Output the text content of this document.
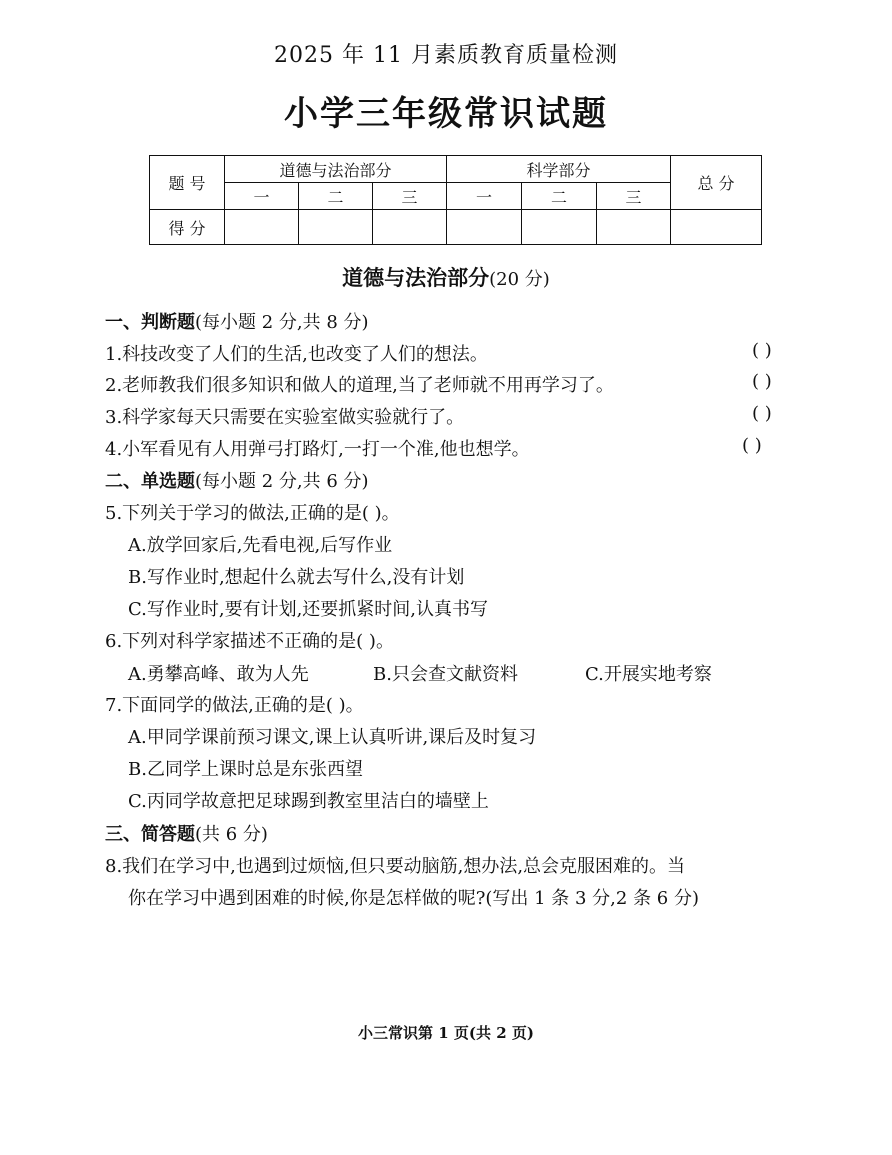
2025 年 11 月素质教育质量检测
小学三年级常识试题
题 号	道德与法治部分			科学部分			总 分
	一	二	三	一	二	三	
得 分							
道德与法治部分(20 分)
一、判断题(每小题 2 分,共 8 分)
1.科技改变了人们的生活,也改变了人们的想法。	( )
2.老师教我们很多知识和做人的道理,当了老师就不用再学习了。	( )
3.科学家每天只需要在实验室做实验就行了。	( )
4.小军看见有人用弹弓打路灯,一打一个准,他也想学。	( )
二、单选题(每小题 2 分,共 6 分)
5.下列关于学习的做法,正确的是( )。
A.放学回家后,先看电视,后写作业
B.写作业时,想起什么就去写什么,没有计划
C.写作业时,要有计划,还要抓紧时间,认真书写
6.下列对科学家描述不正确的是( )。
A.勇攀高峰、敢为人先	B.只会查文献资料	C.开展实地考察
7.下面同学的做法,正确的是( )。
A.甲同学课前预习课文,课上认真听讲,课后及时复习
B.乙同学上课时总是东张西望
C.丙同学故意把足球踢到教室里洁白的墙壁上
三、简答题(共 6 分)
8.我们在学习中,也遇到过烦恼,但只要动脑筋,想办法,总会克服困难的。当
你在学习中遇到困难的时候,你是怎样做的呢?(写出 1 条 3 分,2 条 6 分)
小三常识第 1 页(共 2 页)
